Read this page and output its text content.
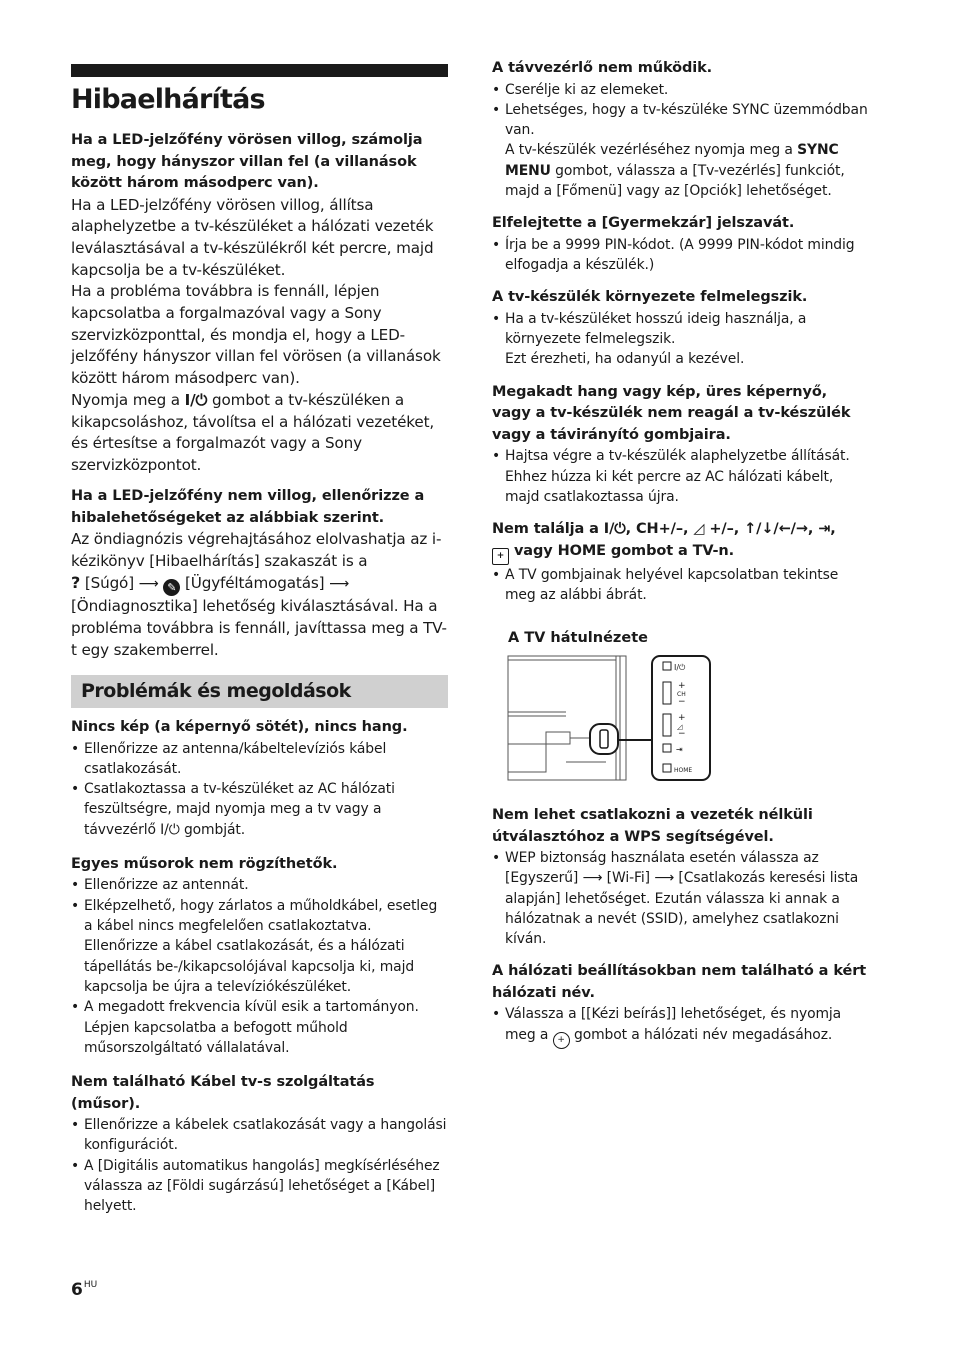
Hibaelhárítás

Ha a LED-jelzőfény vörösen villog, számolja meg, hogy hányszor villan fel (a villanások között három másodperc van).

Ha a LED-jelzőfény vörösen villog, állítsa alaphelyzetbe a tv-készüléket a hálózati vezeték leválasztásával a tv-készülékről két percre, majd kapcsolja be a tv-készüléket.

Ha a probléma továbbra is fennáll, lépjen kapcsolatba a forgalmazóval vagy a Sony szervizközponttal, és mondja el, hogy a LED-jelzőfény hányszor villan fel vörösen (a villanások között három másodperc van).

Nyomja meg a I/⏻ gombot a tv-készüléken a kikapcsoláshoz, távolítsa el a hálózati vezetéket, és értesítse a forgalmazót vagy a Sony szervizközpontot.

Ha a LED-jelzőfény nem villog, ellenőrizze a hibalehetőségeket az alábbiak szerint.

Az öndiagnózis végrehajtásához elolvashatja az i-kézikönyv [Hibaelhárítás] szakaszát is a
? [Súgó] ⟶ ✎ [Ügyféltámogatás] ⟶ [Öndiagnosztika] lehetőség kiválasztásával. Ha a probléma továbbra is fennáll, javíttassa meg a TV-t egy szakemberrel.

Problémák és megoldások

Nincs kép (a képernyő sötét), nincs hang.

• Ellenőrizze az antenna/kábeltelevíziós kábel csatlakozását.
• Csatlakoztassa a tv-készüléket az AC hálózati feszültségre, majd nyomja meg a tv vagy a távvezérlő I/⏻ gombját.

Egyes műsorok nem rögzíthetők.

• Ellenőrizze az antennát.
• Elképzelhető, hogy zárlatos a műholdkábel, esetleg a kábel nincs megfelelően csatlakoztatva. Ellenőrizze a kábel csatlakozását, és a hálózati tápellátás be-/kikapcsolójával kapcsolja ki, majd kapcsolja be újra a televíziókészüléket.
• A megadott frekvencia kívül esik a tartományon. Lépjen kapcsolatba a befogott műhold műsorszolgáltató vállalatával.

Nem található Kábel tv-s szolgáltatás (műsor).

• Ellenőrizze a kábelek csatlakozását vagy a hangolási konfigurációt.
• A [Digitális automatikus hangolás] megkísérléséhez válassza az [Földi sugárzású] lehetőséget a [Kábel] helyett.
$6^{HU}$

A távvezérlő nem működik.

• Cserélje ki az elemeket.
• Lehetséges, hogy a tv-készüléke SYNC üzemmódban van.
A tv-készülék vezérléséhez nyomja meg a SYNC MENU gombot, válassza a [Tv-vezérlés] funkciót, majd a [Főmenü] vagy az [Opciók] lehetőséget.

Elfelejtette a [Gyermekzár] jelszavát.

• Írja be a 9999 PIN-kódot. (A 9999 PIN-kódot mindig elfogadja a készülék.)

A tv-készülék környezete felmelegszik.

• Ha a tv-készüléket hosszú ideig használja, a környezete felmelegszik.
Ezt érezheti, ha odanyúl a kezével.

Megakadt hang vagy kép, üres képernyő, vagy a tv-készülék nem reagál a tv-készülék vagy a távirányító gombjaira.

• Hajtsa végre a tv-készülék alaphelyzetbe állítását. Ehhez húzza ki két percre az AC hálózati kábelt, majd csatlakoztassa újra.

Nem találja a I/⏻, CH+/–, ◿ +/–, ↑/↓/←/→, ⇥,
+ vagy HOME gombot a TV-n.

• A TV gombjainak helyével kapcsolatban tekintse meg az alábbi ábrát.
A TV hátulnézete
I/⏻
+
CH
−
+
◿
−
⇥
HOME

Nem lehet csatlakozni a vezeték nélküli útválasztóhoz a WPS segítségével.

• WEP biztonság használata esetén válassza az [Egyszerű] ⟶ [Wi-Fi] ⟶ [Csatlakozás keresési lista alapján] lehetőséget. Ezután válassza ki annak a hálózatnak a nevét (SSID), amelyhez csatlakozni kíván.

A hálózati beállításokban nem található a kért hálózati név.

• Válassza a [[Kézi beírás]] lehetőséget, és nyomja meg a + gombot a hálózati név megadásához.
